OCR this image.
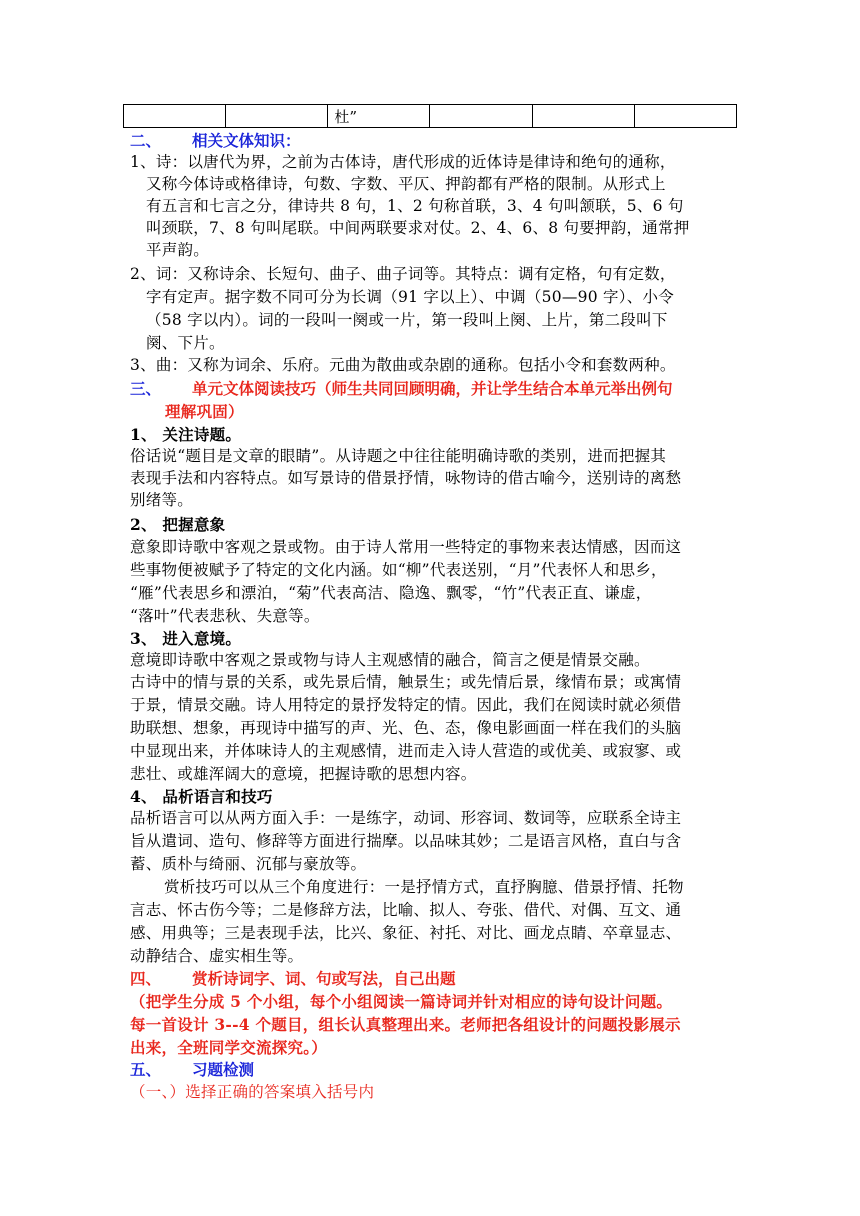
		杜”			
二、 相关文体知识：
1、诗：以唐代为界，之前为古体诗，唐代形成的近体诗是律诗和绝句的通称，
又称今体诗或格律诗，句数、字数、平仄、押韵都有严格的限制。从形式上
有五言和七言之分，律诗共 8 句，1、2 句称首联，3、4 句叫颔联，5、6 句
叫颈联，7、8 句叫尾联。中间两联要求对仗。2、4、6、8 句要押韵，通常押
平声韵。
2、词：又称诗余、长短句、曲子、曲子词等。其特点：调有定格，句有定数，
字有定声。据字数不同可分为长调（91 字以上）、中调（50—90 字）、小令
（58 字以内）。词的一段叫一阕或一片，第一段叫上阕、上片，第二段叫下
阕、下片。
3、曲：又称为词余、乐府。元曲为散曲或杂剧的通称。包括小令和套数两种。
三、 单元文体阅读技巧（师生共同回顾明确，并让学生结合本单元举出例句
理解巩固）
1、 关注诗题。
俗话说“题目是文章的眼睛”。从诗题之中往往能明确诗歌的类别，进而把握其
表现手法和内容特点。如写景诗的借景抒情，咏物诗的借古喻今，送别诗的离愁
别绪等。
2、 把握意象
意象即诗歌中客观之景或物。由于诗人常用一些特定的事物来表达情感，因而这
些事物便被赋予了特定的文化内涵。如“柳”代表送别，“月”代表怀人和思乡，
“雁”代表思乡和漂泊，“菊”代表高洁、隐逸、飘零，“竹”代表正直、谦虚，
“落叶”代表悲秋、失意等。
3、 进入意境。
意境即诗歌中客观之景或物与诗人主观感情的融合，简言之便是情景交融。
古诗中的情与景的关系，或先景后情，触景生；或先情后景，缘情布景；或寓情
于景，情景交融。诗人用特定的景抒发特定的情。因此，我们在阅读时就必须借
助联想、想象，再现诗中描写的声、光、色、态，像电影画面一样在我们的头脑
中显现出来，并体味诗人的主观感情，进而走入诗人营造的或优美、或寂寥、或
悲壮、或雄浑阔大的意境，把握诗歌的思想内容。
4、 品析语言和技巧
品析语言可以从两方面入手：一是练字，动词、形容词、数词等，应联系全诗主
旨从遣词、造句、修辞等方面进行揣摩。以品味其妙；二是语言风格，直白与含
蓄、质朴与绮丽、沉郁与豪放等。
赏析技巧可以从三个角度进行：一是抒情方式，直抒胸臆、借景抒情、托物
言志、怀古伤今等；二是修辞方法，比喻、拟人、夸张、借代、对偶、互文、通
感、用典等；三是表现手法，比兴、象征、衬托、对比、画龙点睛、卒章显志、
动静结合、虚实相生等。
四、 赏析诗词字、词、句或写法，自己出题
（把学生分成 5 个小组，每个小组阅读一篇诗词并针对相应的诗句设计问题。
每一首设计 3--4 个题目，组长认真整理出来。老师把各组设计的问题投影展示
出来，全班同学交流探究。）
五、 习题检测
（一、）选择正确的答案填入括号内
